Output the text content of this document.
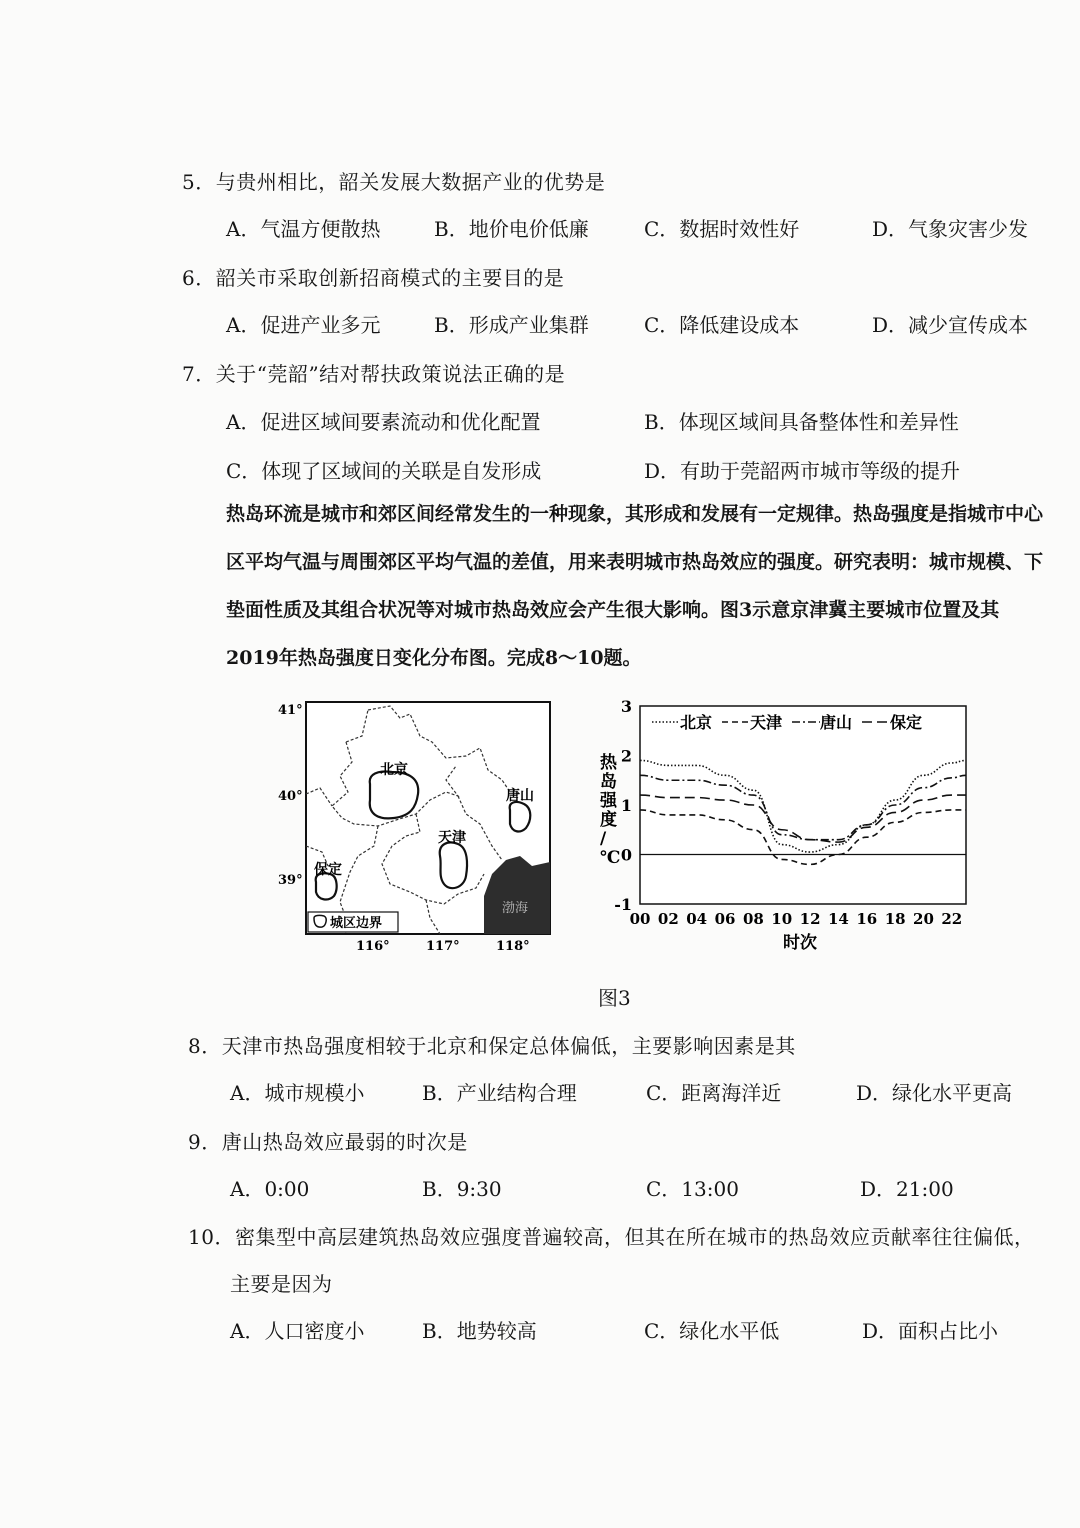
5．与贵州相比，韶关发展大数据产业的优势是
A．气温方便散热	B．地价电价低廉	C．数据时效性好	D．气象灾害少发
6．韶关市采取创新招商模式的主要目的是
A．促进产业多元	B．形成产业集群	C．降低建设成本	D．减少宣传成本
7．关于“莞韶”结对帮扶政策说法正确的是
A．促进区域间要素流动和优化配置	B．体现区域间具备整体性和差异性
C．体现了区域间的关联是自发形成	D．有助于莞韶两市城市等级的提升
热岛环流是城市和郊区间经常发生的一种现象，其形成和发展有一定规律。热岛强度是指城市中心区平均气温与周围郊区平均气温的差值，用来表明城市热岛效应的强度。研究表明：城市规模、下垫面性质及其组合状况等对城市热岛效应会产生很大影响。图3示意京津冀主要城市位置及其2019年热岛强度日变化分布图。完成8～10题。
渤海
北京
天津
唐山
保定
41°
40°
39°
116°	117°	118°
城区边界
3
2
1
0
-1
00 02 04 06 08 10 12 14 16 18 20 22
北京 天津 唐山 保定
热岛强度/ ℃
时次
图3
8．天津市热岛强度相较于北京和保定总体偏低，主要影响因素是其
A．城市规模小	B．产业结构合理	C．距离海洋近	D．绿化水平更高
9．唐山热岛效应最弱的时次是
A．0:00	B．9:30	C．13:00	D．21:00
10．密集型中高层建筑热岛效应强度普遍较高，但其在所在城市的热岛效应贡献率往往偏低，
主要是因为
A．人口密度小	B．地势较高	C．绿化水平低	D．面积占比小
